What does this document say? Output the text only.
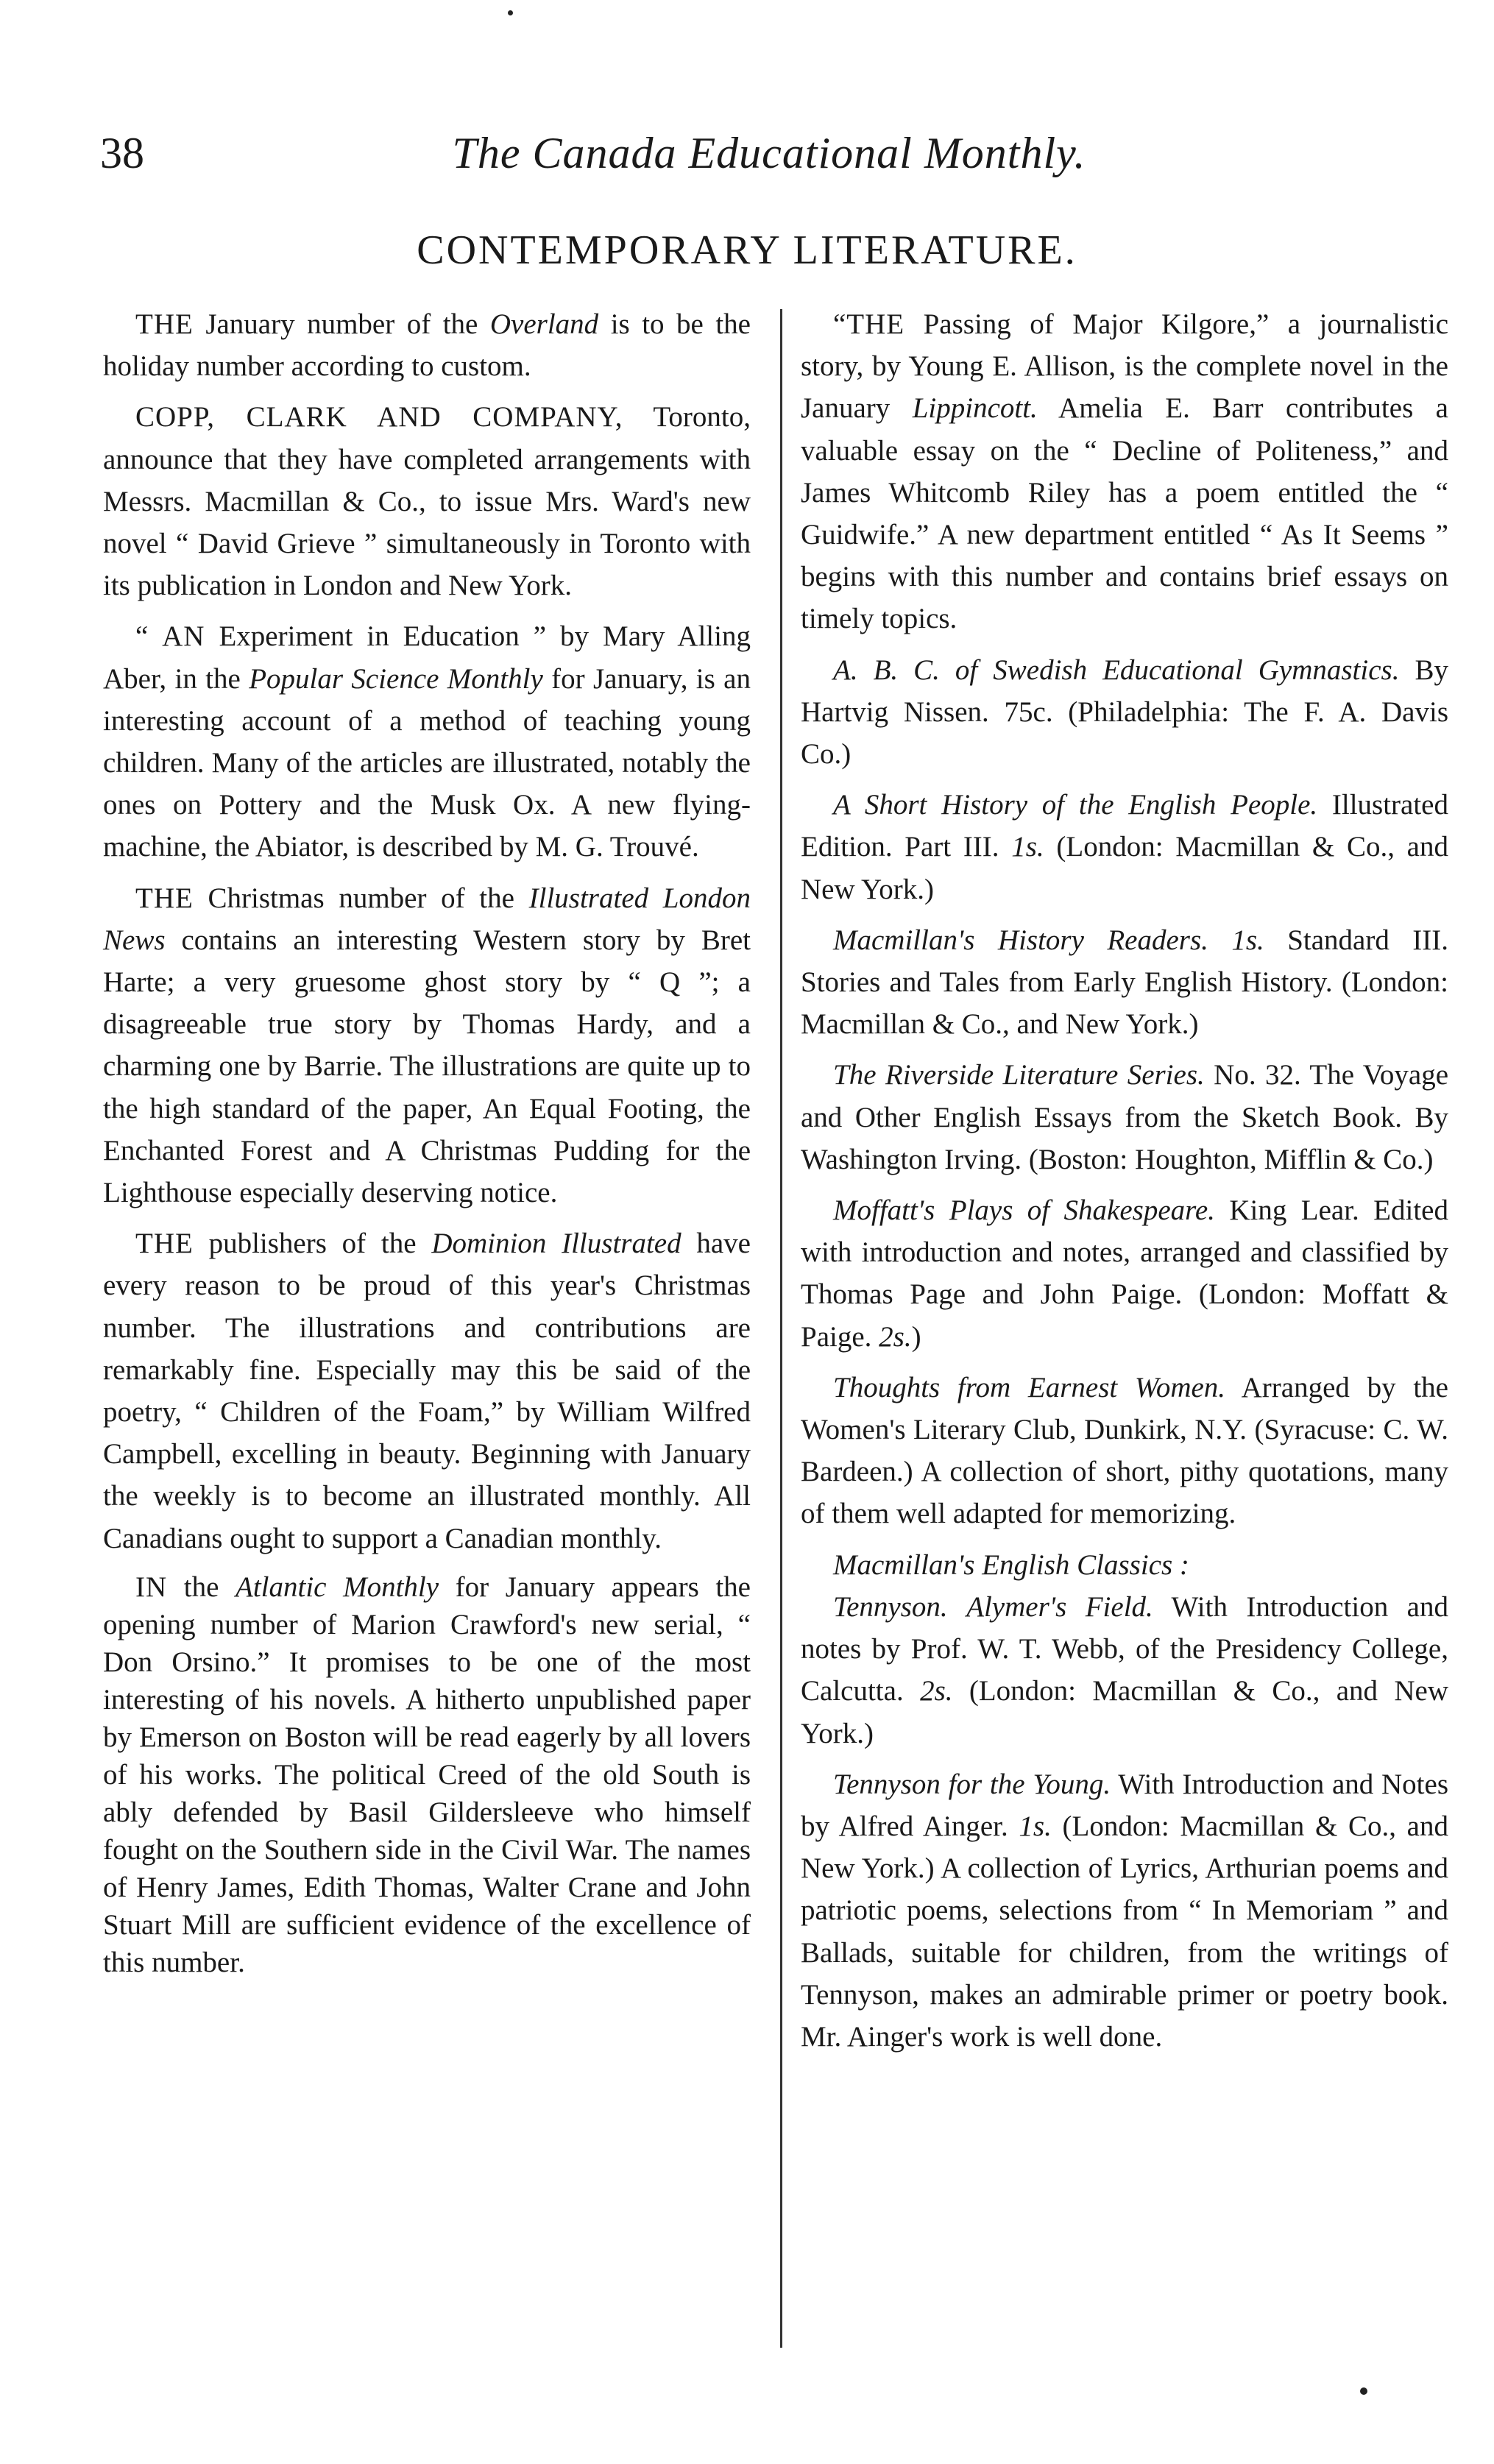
38	The Canada Educational Monthly.
CONTEMPORARY LITERATURE.

THE January number of the Overland is to be the holiday number according to custom.

COPP, CLARK AND COMPANY, Toronto, announce that they have completed arrangements with Messrs. Macmillan & Co., to issue Mrs. Ward's new novel “ David Grieve ” simultaneously in Toronto with its publication in London and New York.

“ AN Experiment in Education ” by Mary Alling Aber, in the Popular Science Monthly for January, is an interesting account of a method of teaching young children. Many of the articles are illustrated, notably the ones on Pottery and the Musk Ox. A new flying-machine, the Abiator, is described by M. G. Trouvé.

THE Christmas number of the Illustrated London News contains an interesting Western story by Bret Harte; a very gruesome ghost story by “ Q ”; a disagreeable true story by Thomas Hardy, and a charming one by Barrie. The illustrations are quite up to the high standard of the paper, An Equal Footing, the Enchanted Forest and A Christmas Pudding for the Lighthouse especially deserving notice.

THE publishers of the Dominion Illustrated have every reason to be proud of this year's Christmas number. The illustrations and contributions are remarkably fine. Especially may this be said of the poetry, “ Children of the Foam,” by William Wilfred Campbell, excelling in beauty. Beginning with January the weekly is to become an illustrated monthly. All Canadians ought to support a Canadian monthly.

IN the Atlantic Monthly for January appears the opening number of Marion Crawford's new serial, “ Don Orsino.” It promises to be one of the most interesting of his novels. A hitherto unpublished paper by Emerson on Boston will be read eagerly by all lovers of his works. The political Creed of the old South is ably defended by Basil Gildersleeve who himself fought on the Southern side in the Civil War. The names of Henry James, Edith Thomas, Walter Crane and John Stuart Mill are sufficient evidence of the excellence of this number.

“THE Passing of Major Kilgore,” a journalistic story, by Young E. Allison, is the complete novel in the January Lippincott. Amelia E. Barr contributes a valuable essay on the “ Decline of Politeness,” and James Whitcomb Riley has a poem entitled the “ Guidwife.” A new department entitled “ As It Seems ” begins with this number and contains brief essays on timely topics.

A. B. C. of Swedish Educational Gymnastics. By Hartvig Nissen. 75c. (Philadelphia: The F. A. Davis Co.)

A Short History of the English People. Illustrated Edition. Part III. 1s. (London: Macmillan & Co., and New York.)

Macmillan's History Readers. 1s. Standard III. Stories and Tales from Early English History. (London: Macmillan & Co., and New York.)

The Riverside Literature Series. No. 32. The Voyage and Other English Essays from the Sketch Book. By Washington Irving. (Boston: Houghton, Mifflin & Co.)

Moffatt's Plays of Shakespeare. King Lear. Edited with introduction and notes, arranged and classified by Thomas Page and John Paige. (London: Moffatt & Paige. 2s.)

Thoughts from Earnest Women. Arranged by the Women's Literary Club, Dunkirk, N.Y. (Syracuse: C. W. Bardeen.) A collection of short, pithy quotations, many of them well adapted for memorizing.

Macmillan's English Classics :

Tennyson. Alymer's Field. With Introduction and notes by Prof. W. T. Webb, of the Presidency College, Calcutta. 2s. (London: Macmillan & Co., and New York.)

Tennyson for the Young. With Introduction and Notes by Alfred Ainger. 1s. (London: Macmillan & Co., and New York.) A collection of Lyrics, Arthurian poems and patriotic poems, selections from “ In Memoriam ” and Ballads, suitable for children, from the writings of Tennyson, makes an admirable primer or poetry book. Mr. Ainger's work is well done.
